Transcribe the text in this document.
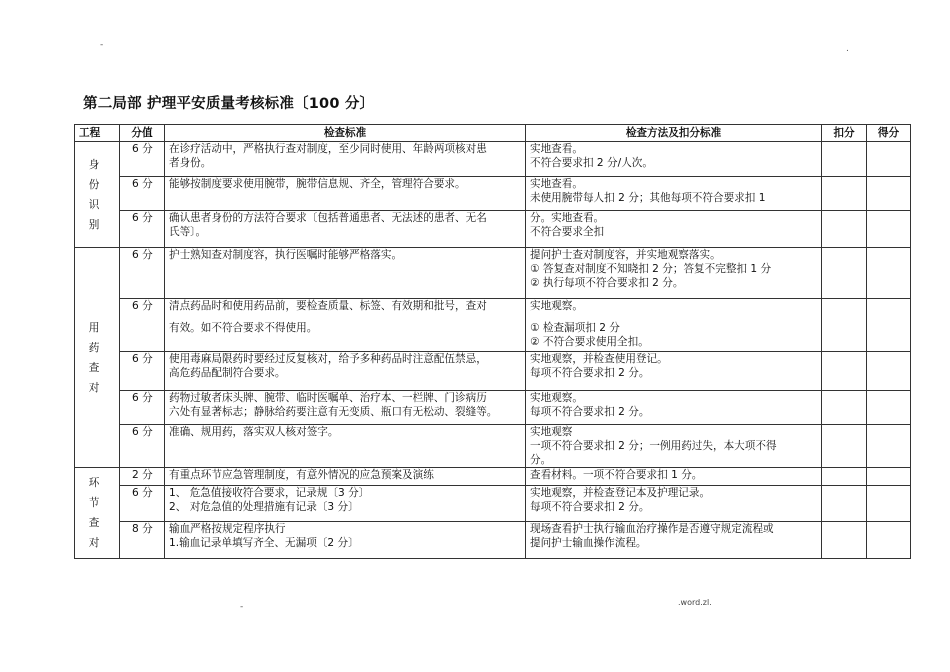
-	.
第二局部 护理平安质量考核标准〔100 分〕
工程	分值	检查标准	检查方法及扣分标准	扣分	得分
身 份 识 别	6 分	在诊疗活动中，严格执行查对制度，至少同时使用、年龄两项核对患
者身份。	实地查看。
不符合要求扣 2 分/人次。		

	6 分	能够按制度要求使用腕带，腕带信息规、齐全，管理符合要求。	实地查看。
未使用腕带每人扣 2 分；其他每项不符合要求扣 1		

	6 分	确认患者身份的方法符合要求〔包括普通患者、无法述的患者、无名
氏等〕。	分。实地查看。
不符合要求全扣		

用 药 查 对	6 分	护士熟知查对制度容，执行医嘱时能够严格落实。	提问护士查对制度容，并实地观察落实。
① 答复查对制度不知晓扣 2 分；答复不完整扣 1 分
② 执行每项不符合要求扣 2 分。		

	6 分	清点药品时和使用药品前，要检查质量、标签、有效期和批号，查对
有效。如不符合要求不得使用。	实地观察。
① 检查漏项扣 2 分
② 不符合要求使用全扣。		

	6 分	使用毒麻局限药时要经过反复核对，给予多种药品时注意配伍禁忌，
高危药品配制符合要求。	实地观察，并检查使用登记。
每项不符合要求扣 2 分。		

	6 分	药物过敏者床头牌、腕带、临时医嘱单、治疗本、一栏牌、门诊病历
六处有显著标志；静脉给药要注意有无变质、瓶口有无松动、裂缝等。	实地观察。
每项不符合要求扣 2 分。		

	6 分	准确、规用药，落实双人核对签字。	实地观察
一项不符合要求扣 2 分；一例用药过失，本大项不得
分。		

环 节 查 对	2 分	有重点环节应急管理制度，有意外情况的应急预案及演练	查看材料。一项不符合要求扣 1 分。		

	6 分	1、 危急值接收符合要求，记录规〔3 分〕
2、 对危急值的处理措施有记录〔3 分〕	实地观察，并检查登记本及护理记录。
每项不符合要求扣 2 分。		

	8 分	输血严格按规定程序执行
1.输血记录单填写齐全、无漏项〔2 分〕	现场查看护士执行输血治疗操作是否遵守规定流程或
提问护士输血操作流程。		

-	.word.zl.
